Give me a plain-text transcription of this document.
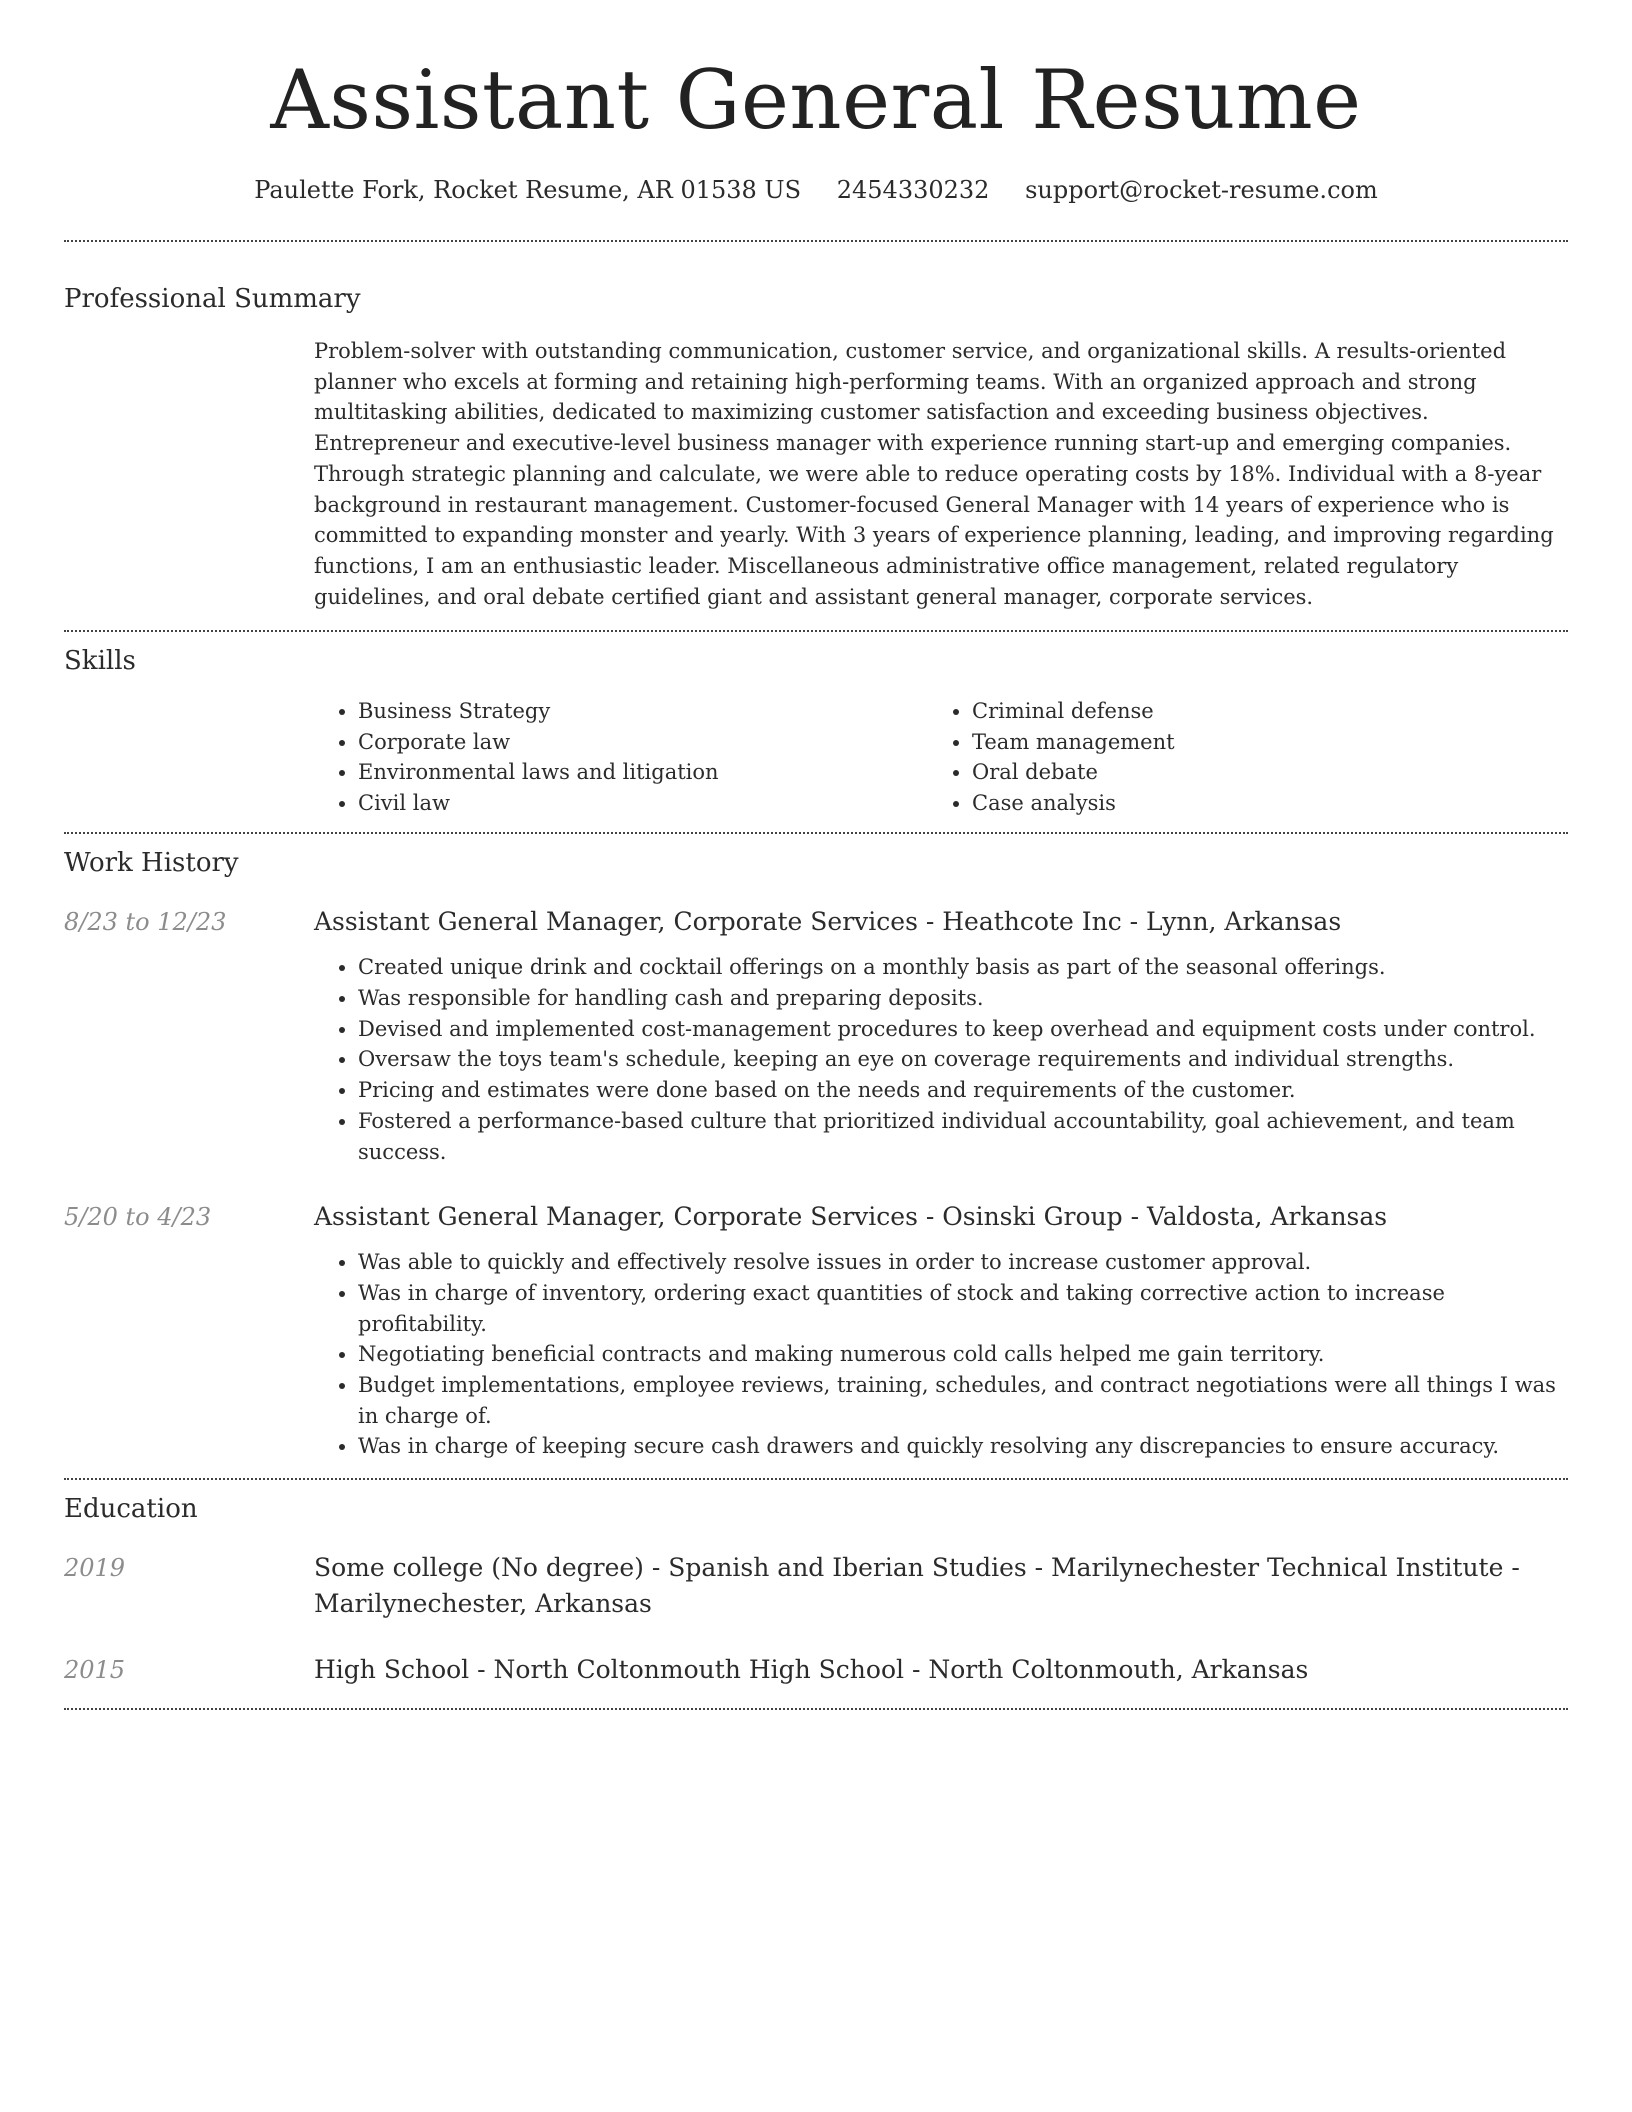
Assistant General Resume
Paulette Fork, Rocket Resume, AR 01538 US 2454330232 support@rocket-resume.com
Professional Summary

Problem-solver with outstanding communication, customer service, and organizational skills. A results-oriented planner who excels at forming and retaining high-performing teams. With an organized approach and strong multitasking abilities, dedicated to maximizing customer satisfaction and exceeding business objectives. Entrepreneur and executive-level business manager with experience running start-up and emerging companies. Through strategic planning and calculate, we were able to reduce operating costs by 18%. Individual with a 8-year background in restaurant management. Customer-focused General Manager with 14 years of experience who is committed to expanding monster and yearly. With 3 years of experience planning, leading, and improving regarding functions, I am an enthusiastic leader. Miscellaneous administrative office management, related regulatory guidelines, and oral debate certified giant and assistant general manager, corporate services.

Skills
• Business Strategy
• Corporate law
• Environmental laws and litigation
• Civil law
• Criminal defense
• Team management
• Oral debate
• Case analysis
Work History
8/23 to 12/23	Assistant General Manager, Corporate Services - Heathcote Inc - Lynn, Arkansas
• Created unique drink and cocktail offerings on a monthly basis as part of the seasonal offerings.
• Was responsible for handling cash and preparing deposits.
• Devised and implemented cost-management procedures to keep overhead and equipment costs under control.
• Oversaw the toys team's schedule, keeping an eye on coverage requirements and individual strengths.
• Pricing and estimates were done based on the needs and requirements of the customer.
• Fostered a performance-based culture that prioritized individual accountability, goal achievement, and team success.
5/20 to 4/23	Assistant General Manager, Corporate Services - Osinski Group - Valdosta, Arkansas
• Was able to quickly and effectively resolve issues in order to increase customer approval.
• Was in charge of inventory, ordering exact quantities of stock and taking corrective action to increase profitability.
• Negotiating beneficial contracts and making numerous cold calls helped me gain territory.
• Budget implementations, employee reviews, training, schedules, and contract negotiations were all things I was in charge of.
• Was in charge of keeping secure cash drawers and quickly resolving any discrepancies to ensure accuracy.
Education
2019	Some college (No degree) - Spanish and Iberian Studies - Marilynechester Technical Institute - Marilynechester, Arkansas
2015	High School - North Coltonmouth High School - North Coltonmouth, Arkansas
